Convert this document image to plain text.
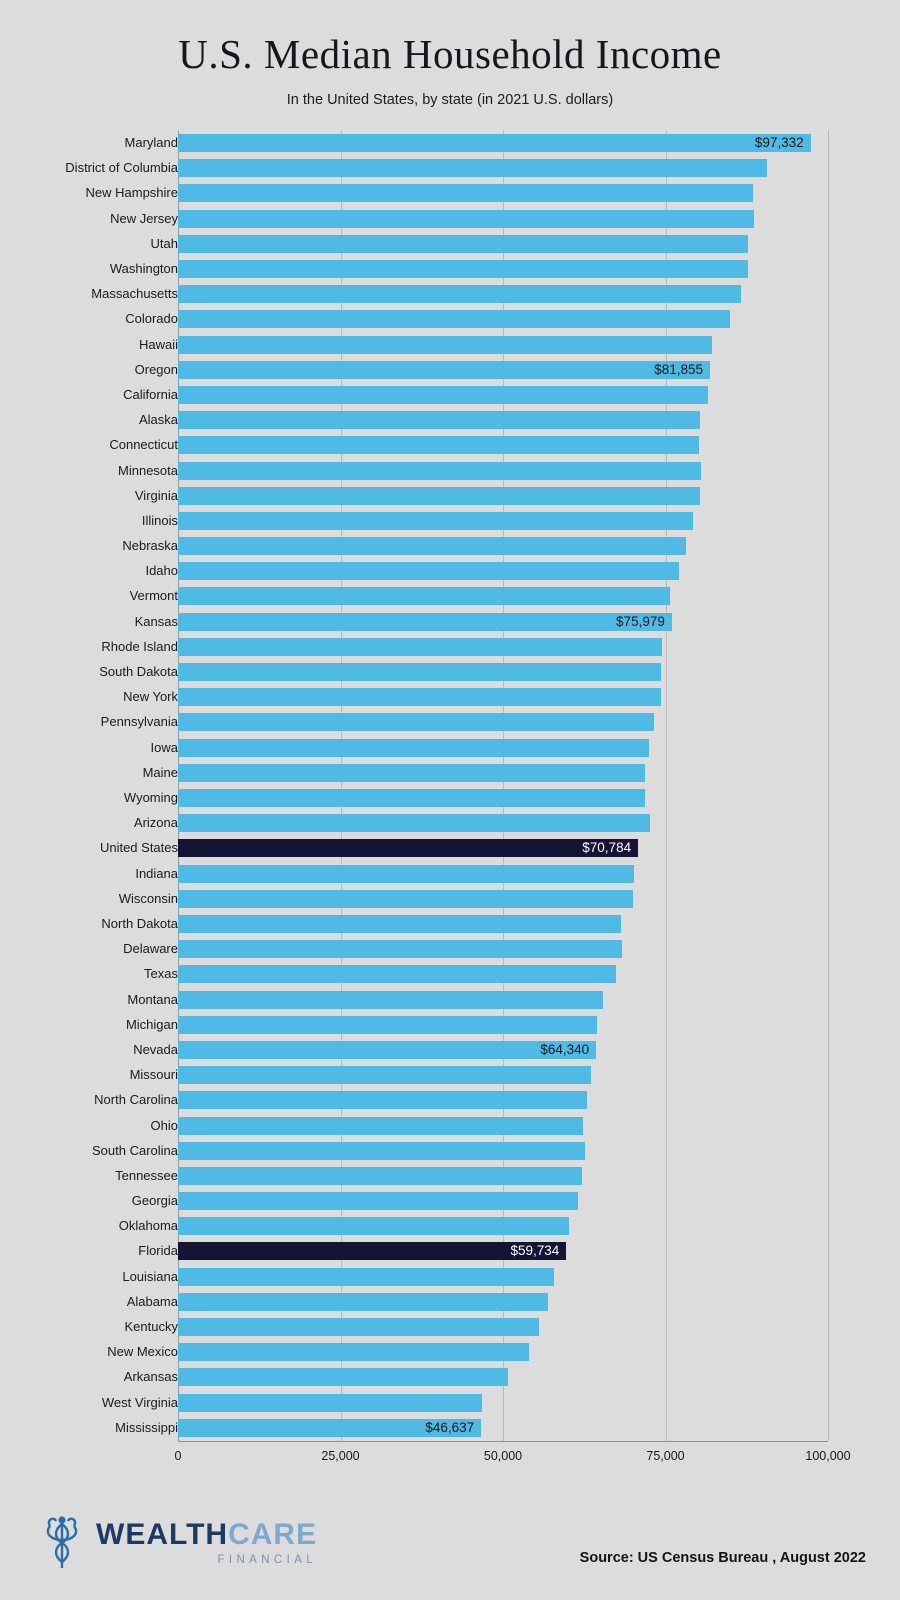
U.S. Median Household Income

In the United States, by state (in 2021 U.S. dollars)

0	25,000	50,000	75,000	100,000
Maryland	$97,332
District of Columbia
New Hampshire
New Jersey
Utah
Washington
Massachusetts
Colorado
Hawaii
Oregon	$81,855
California
Alaska
Connecticut
Minnesota
Virginia
Illinois
Nebraska
Idaho
Vermont
Kansas	$75,979
Rhode Island
South Dakota
New York
Pennsylvania
Iowa
Maine
Wyoming
Arizona
United States	$70,784
Indiana
Wisconsin
North Dakota
Delaware
Texas
Montana
Michigan
Nevada	$64,340
Missouri
North Carolina
Ohio
South Carolina
Tennessee
Georgia
Oklahoma
Florida	$59,734
Louisiana
Alabama
Kentucky
New Mexico
Arkansas
West Virginia
Mississippi	$46,637
WEALTHCARE
FINANCIAL	Source: US Census Bureau , August 2022
